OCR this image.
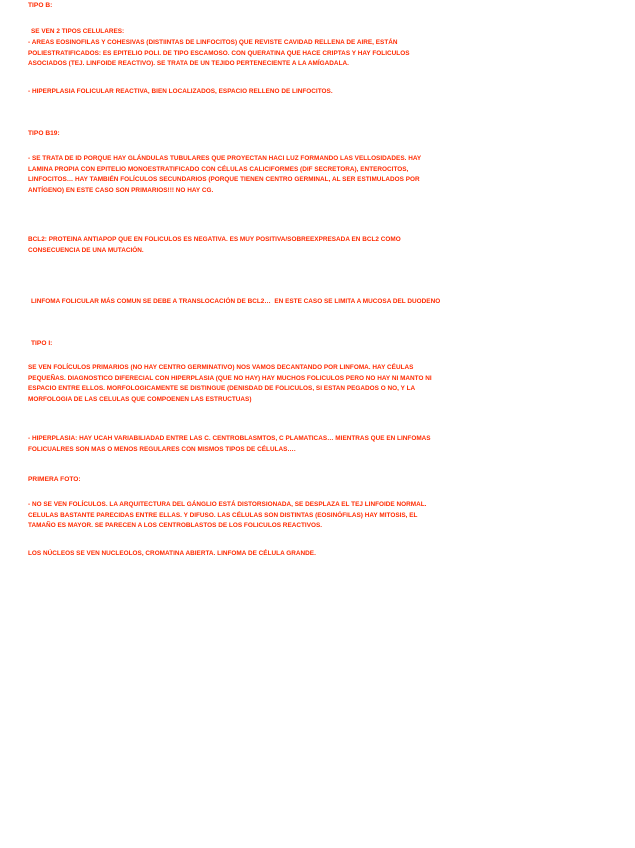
TIPO B:

SE VEN 2 TIPOS CELULARES:

- AREAS EOSINOFILAS Y COHESIVAS (DISTIINTAS DE LINFOCITOS) QUE REVISTE CAVIDAD RELLENA DE AIRE, ESTÁN
POLIESTRATIFICADOS: ES EPITELIO POLI. DE TIPO ESCAMOSO. CON QUERATINA QUE HACE CRIPTAS Y HAY FOLICULOS
ASOCIADOS (TEJ. LINFOIDE REACTIVO). SE TRATA DE UN TEJIDO PERTENECIENTE A LA AMÍGADALA.

- HIPERPLASIA FOLICULAR REACTIVA, BIEN LOCALIZADOS, ESPACIO RELLENO DE LINFOCITOS.

TIPO B19:

- SE TRATA DE ID PORQUE HAY GLÁNDULAS TUBULARES QUE PROYECTAN HACI LUZ FORMANDO LAS VELLOSIDADES. HAY
LAMINA PROPIA CON EPITELIO MONOESTRATIFICADO CON CÉLULAS CALICIFORMES (DIF SECRETORA), ENTEROCITOS,
LINFOCITOS… HAY TAMBIÉN FOLÍCULOS SECUNDARIOS (PORQUE TIENEN CENTRO GERMINAL, AL SER ESTIMULADOS POR
ANTÍGENO) EN ESTE CASO SON PRIMARIOS!!! NO HAY CG.

BCL2: PROTEINA ANTIAPOP QUE EN FOLICULOS ES NEGATIVA. ES MUY POSITIVA/SOBREEXPRESADA EN BCL2 COMO
CONSECUENCIA DE UNA MUTACIÓN.

LINFOMA FOLICULAR MÁS COMUN SE DEBE A TRANSLOCACIÓN DE BCL2…  EN ESTE CASO SE LIMITA A MUCOSA DEL DUODENO

TIPO I:

SE VEN FOLÍCULOS PRIMARIOS (NO HAY CENTRO GERMINATIVO) NOS VAMOS DECANTANDO POR LINFOMA. HAY CÉULAS
PEQUEÑAS. DIAGNOSTICO DIFERECIAL CON HIPERPLASIA (QUE NO HAY) HAY MUCHOS FOLICULOS PERO NO HAY NI MANTO NI
ESPACIO ENTRE ELLOS. MORFOLOGICAMENTE SE DISTINGUE (DENISDAD DE FOLICULOS, SI ESTAN PEGADOS O NO, Y LA
MORFOLOGIA DE LAS CELULAS QUE COMPOENEN LAS ESTRUCTUAS)

- HIPERPLASIA: HAY UCAH VARIABILIADAD ENTRE LAS C. CENTROBLASMTOS, C PLAMATICAS… MIENTRAS QUE EN LINFOMAS
FOLICUALRES SON MAS O MENOS REGULARES CON MISMOS TIPOS DE CÉLULAS….

PRIMERA FOTO:

- NO SE VEN FOLÍCULOS. LA ARQUITECTURA DEL GÁNGLIO ESTÁ DISTORSIONADA, SE DESPLAZA EL TEJ LINFOIDE NORMAL.
CELULAS BASTANTE PARECIDAS ENTRE ELLAS. Y DIFUSO. LAS CÉLULAS SON DISTINTAS (EOSINÓFILAS) HAY MITOSIS, EL
TAMAÑO ES MAYOR. SE PARECEN A LOS CENTROBLASTOS DE LOS FOLICULOS REACTIVOS.

LOS NÚCLEOS SE VEN NUCLEOLOS, CROMATINA ABIERTA. LINFOMA DE CÉLULA GRANDE.
